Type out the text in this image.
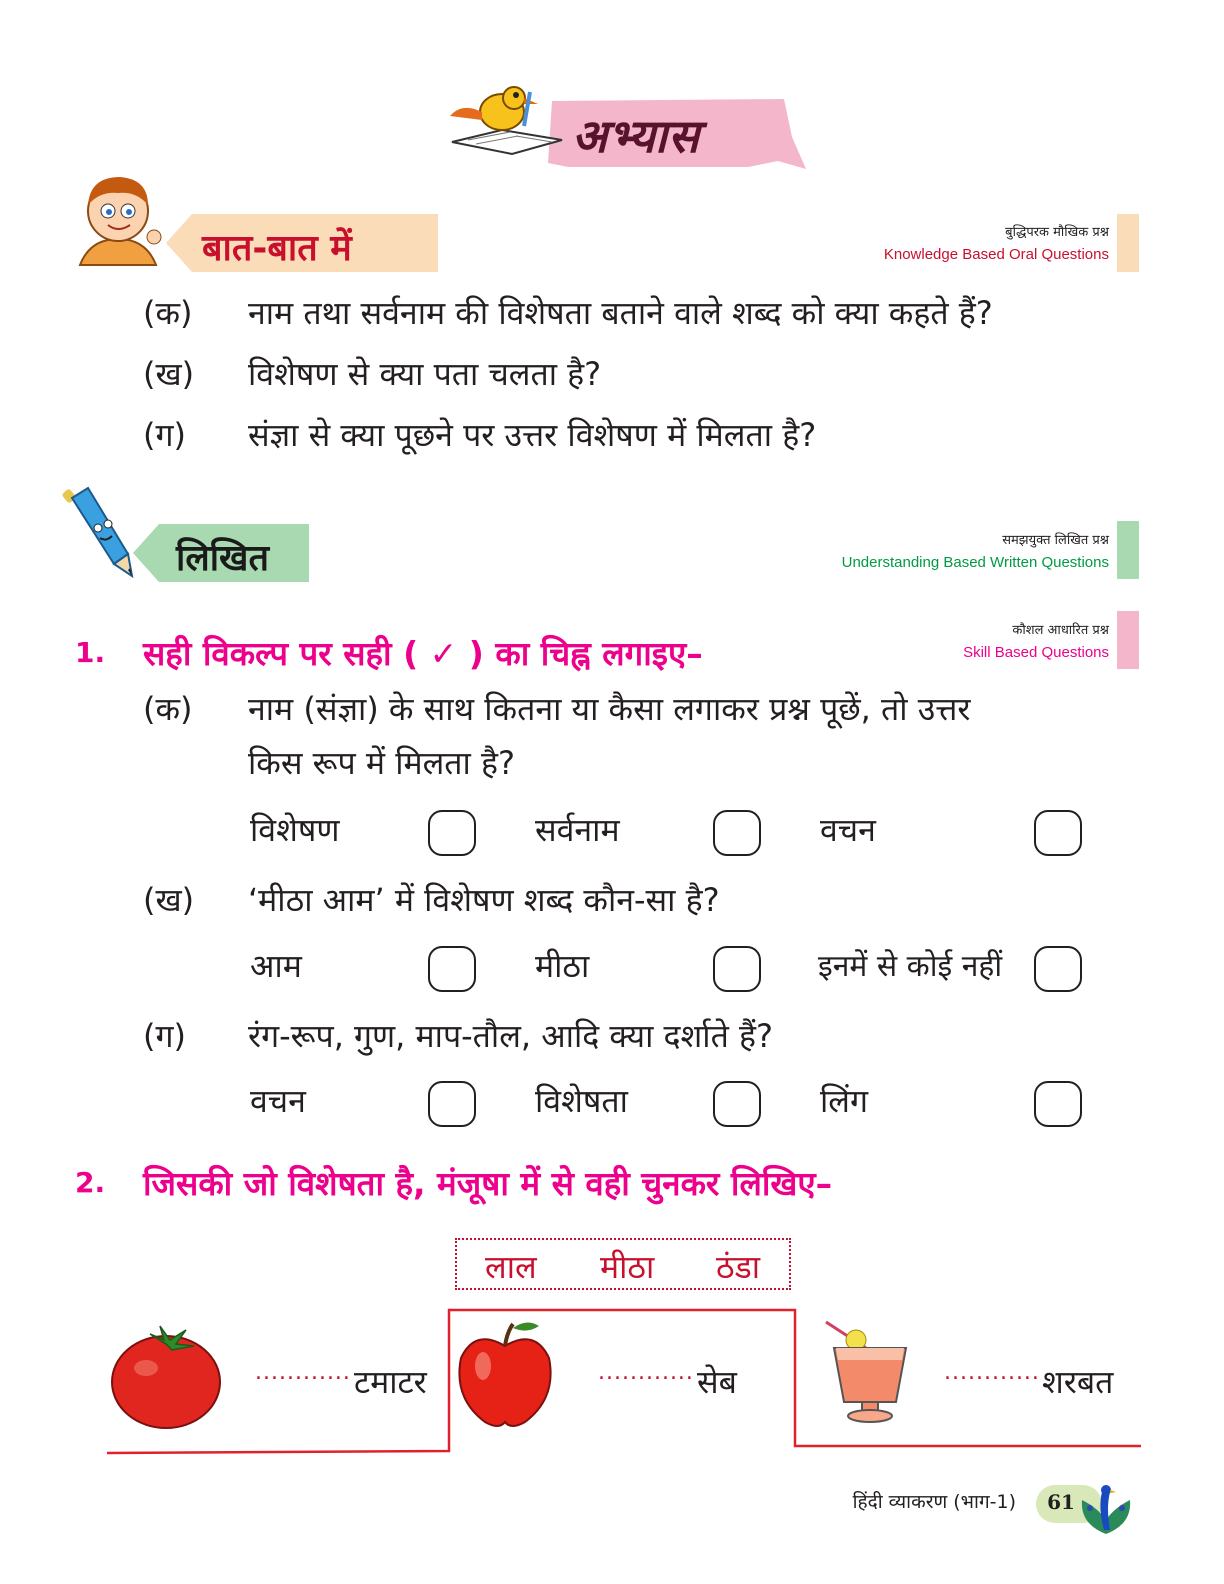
अभ्यास
बात-बात में	बुद्धिपरक मौखिक प्रश्न
Knowledge Based Oral Questions
(क) नाम तथा सर्वनाम की विशेषता बताने वाले शब्द को क्या कहते हैं?
(ख) विशेषण से क्या पता चलता है?
(ग) संज्ञा से क्या पूछने पर उत्तर विशेषण में मिलता है?
लिखित	समझयुक्त लिखित प्रश्न
Understanding Based Written Questions
1. सही विकल्प पर सही ( ✓ ) का चिह्न लगाइए–
कौशल आधारित प्रश्न
Skill Based Questions
(क) नाम (संज्ञा) के साथ कितना या कैसा लगाकर प्रश्न पूछें, तो उत्तर
किस रूप में मिलता है?
विशेषण	सर्वनाम	वचन
(ख) ‘मीठा आम’ में विशेषण शब्द कौन-सा है?
आम	मीठा	इनमें से कोई नहीं
(ग) रंग-रूप, गुण, माप-तौल, आदि क्या दर्शाते हैं?
वचन	विशेषता	लिंग
2. जिसकी जो विशेषता है, मंजूषा में से वही चुनकर लिखिए–
लाल मीठा ठंडा
............ टमाटर	............ सेब	............ शरबत
हिंदी व्याकरण (भाग-1)	61
